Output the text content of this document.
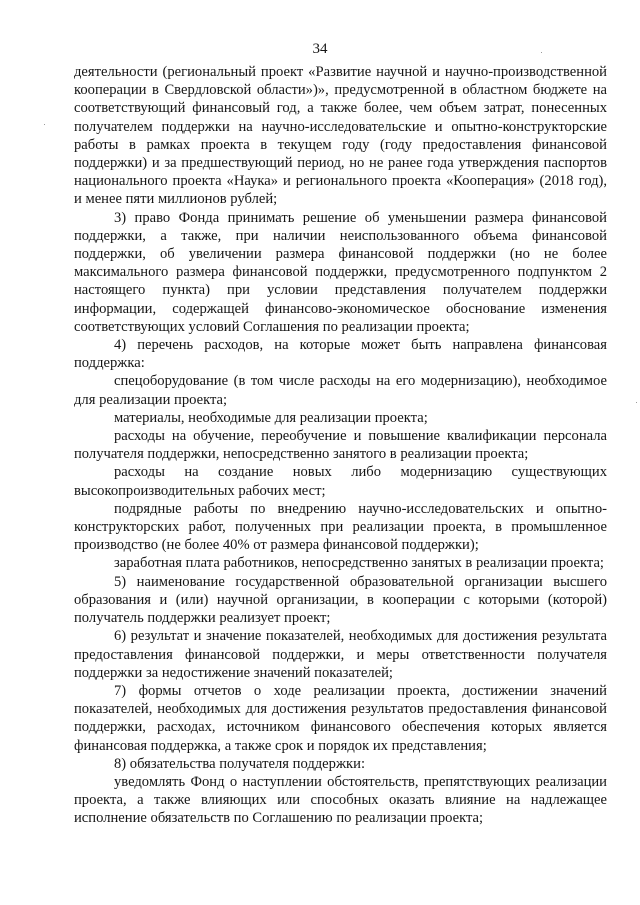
34

деятельности (региональный проект «Развитие научной и научно-производственной кооперации в Свердловской области»)», предусмотренной в областном бюджете на соответствующий финансовый год, а также более, чем объем затрат, понесенных получателем поддержки на научно-исследовательские и опытно-конструкторские работы в рамках проекта в текущем году (году предоставления финансовой поддержки) и за предшествующий период, но не ранее года утверждения паспортов национального проекта «Наука» и регионального проекта «Кооперация» (2018 год), и менее пяти миллионов рублей;

3) право Фонда принимать решение об уменьшении размера финансовой поддержки, а также, при наличии неиспользованного объема финансовой поддержки, об увеличении размера финансовой поддержки (но не более максимального размера финансовой поддержки, предусмотренного подпунктом 2 настоящего пункта) при условии представления получателем поддержки информации, содержащей финансово-экономическое обоснование изменения соответствующих условий Соглашения по реализации проекта;

4) перечень расходов, на которые может быть направлена финансовая поддержка:

спецоборудование (в том числе расходы на его модернизацию), необходимое для реализации проекта;

материалы, необходимые для реализации проекта;

расходы на обучение, переобучение и повышение квалификации персонала получателя поддержки, непосредственно занятого в реализации проекта;

расходы на создание новых либо модернизацию существующих высокопроизводительных рабочих мест;

подрядные работы по внедрению научно-исследовательских и опытно-конструкторских работ, полученных при реализации проекта, в промышленное производство (не более 40% от размера финансовой поддержки);

заработная плата работников, непосредственно занятых в реализации проекта;

5) наименование государственной образовательной организации высшего образования и (или) научной организации, в кооперации с которыми (которой) получатель поддержки реализует проект;

6) результат и значение показателей, необходимых для достижения результата предоставления финансовой поддержки, и меры ответственности получателя поддержки за недостижение значений показателей;

7) формы отчетов о ходе реализации проекта, достижении значений показателей, необходимых для достижения результатов предоставления финансовой поддержки, расходах, источником финансового обеспечения которых является финансовая поддержка, а также срок и порядок их представления;

8) обязательства получателя поддержки:

уведомлять Фонд о наступлении обстоятельств, препятствующих реализации проекта, а также влияющих или способных оказать влияние на надлежащее исполнение обязательств по Соглашению по реализации проекта;
